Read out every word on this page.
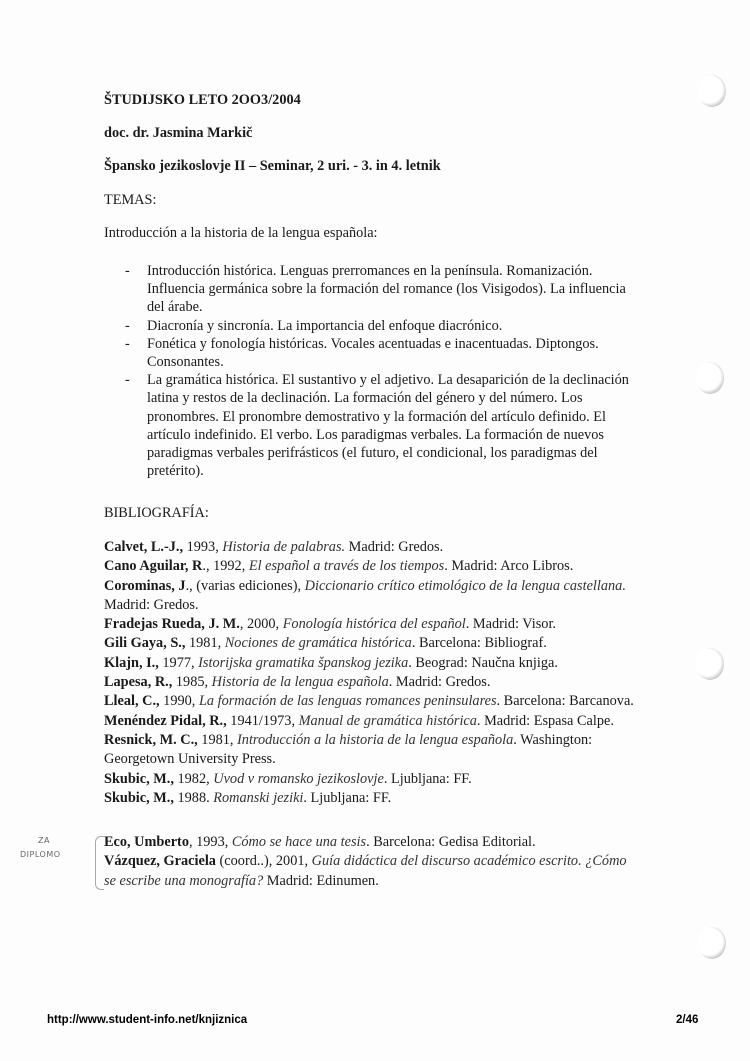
ŠTUDIJSKO LETO 2OO3/2004
doc. dr. Jasmina Markič
Špansko jezikoslovje II – Seminar, 2 uri. - 3. in 4. letnik
TEMAS:
Introducción a la historia de la lengua española:
- Introducción histórica. Lenguas prerromances en la península. Romanización. Influencia germánica sobre la formación del romance (los Visigodos). La influencia del árabe.
- Diacronía y sincronía. La importancia del enfoque diacrónico.
- Fonética y fonología históricas. Vocales acentuadas e inacentuadas. Diptongos. Consonantes.
- La gramática histórica. El sustantivo y el adjetivo. La desaparición de la declinación latina y restos de la declinación. La formación del género y del número. Los pronombres. El pronombre demostrativo y la formación del artículo definido. El artículo indefinido. El verbo. Los paradigmas verbales. La formación de nuevos paradigmas verbales perifrásticos (el futuro, el condicional, los paradigmas del pretérito).
BIBLIOGRAFÍA:
Calvet, L.-J., 1993, Historia de palabras. Madrid: Gredos.
Cano Aguilar, R., 1992, El español a través de los tiempos. Madrid: Arco Libros.
Corominas, J., (varias ediciones), Diccionario crítico etimológico de la lengua castellana. Madrid: Gredos.
Fradejas Rueda, J. M., 2000, Fonología histórica del español. Madrid: Visor.
Gili Gaya, S., 1981, Nociones de gramática histórica. Barcelona: Bibliograf.
Klajn, I., 1977, Istorijska gramatika španskog jezika. Beograd: Naučna knjiga.
Lapesa, R., 1985, Historia de la lengua española. Madrid: Gredos.
Lleal, C., 1990, La formación de las lenguas romances peninsulares. Barcelona: Barcanova.
Menéndez Pidal, R., 1941/1973, Manual de gramática histórica. Madrid: Espasa Calpe.
Resnick, M. C., 1981, Introducción a la historia de la lengua española. Washington: Georgetown University Press.
Skubic, M., 1982, Uvod v romansko jezikoslovje. Ljubljana: FF.
Skubic, M., 1988. Romanski jeziki. Ljubljana: FF.
Eco, Umberto, 1993, Cómo se hace una tesis. Barcelona: Gedisa Editorial.
Vázquez, Graciela (coord..), 2001, Guía didáctica del discurso académico escrito. ¿Cómo se escribe una monografía? Madrid: Edinumen.
ZA
DIPLOMO
http://www.student-info.net/knjiznica	2/46
